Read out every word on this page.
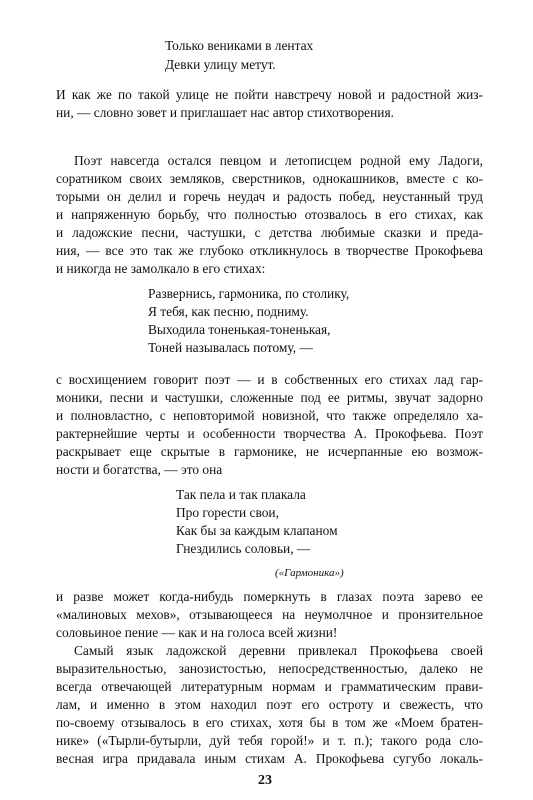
Только вениками в лентах
Девки улицу метут.
И как же по такой улице не пойти навстречу новой и радостной жиз-
ни, — словно зовет и приглашает нас автор стихотворения.
Поэт навсегда остался певцом и летописцем родной ему Ладоги,
соратником своих земляков, сверстников, однокашников, вместе с ко-
торыми он делил и горечь неудач и радость побед, неустанный труд
и напряженную борьбу, что полностью отозвалось в его стихах, как
и ладожские песни, частушки, с детства любимые сказки и преда-
ния, — все это так же глубоко откликнулось в творчестве Прокофьева
и никогда не замолкало в его стихах:
Развернись, гармоника, по столику,
Я тебя, как песню, подниму.
Выходила тоненькая-тоненькая,
Тоней называлась потому, —
с восхищением говорит поэт — и в собственных его стихах лад гар-
моники, песни и частушки, сложенные под ее ритмы, звучат задорно
и полновластно, с неповторимой новизной, что также определяло ха-
рактернейшие черты и особенности творчества А. Прокофьева. Поэт
раскрывает еще скрытые в гармонике, не исчерпанные ею возмож-
ности и богатства, — это она
Так пела и так плакала
Про горести свои,
Как бы за каждым клапаном
Гнездились соловьи, —
(«Гармоника»)
и разве может когда-нибудь померкнуть в глазах поэта зарево ее
«малиновых мехов», отзывающееся на неумолчное и пронзительное
соловьиное пение — как и на голоса всей жизни!
Самый язык ладожской деревни привлекал Прокофьева своей
выразительностью, занозистостью, непосредственностью, далеко не
всегда отвечающей литературным нормам и грамматическим прави-
лам, и именно в этом находил поэт его остроту и свежесть, что
по-своему отзывалось в его стихах, хотя бы в том же «Моем братен-
нике» («Тырли-бутырли, дуй тебя горой!» и т. п.); такого рода сло-
весная игра придавала иным стихам А. Прокофьева сугубо локаль-
23
